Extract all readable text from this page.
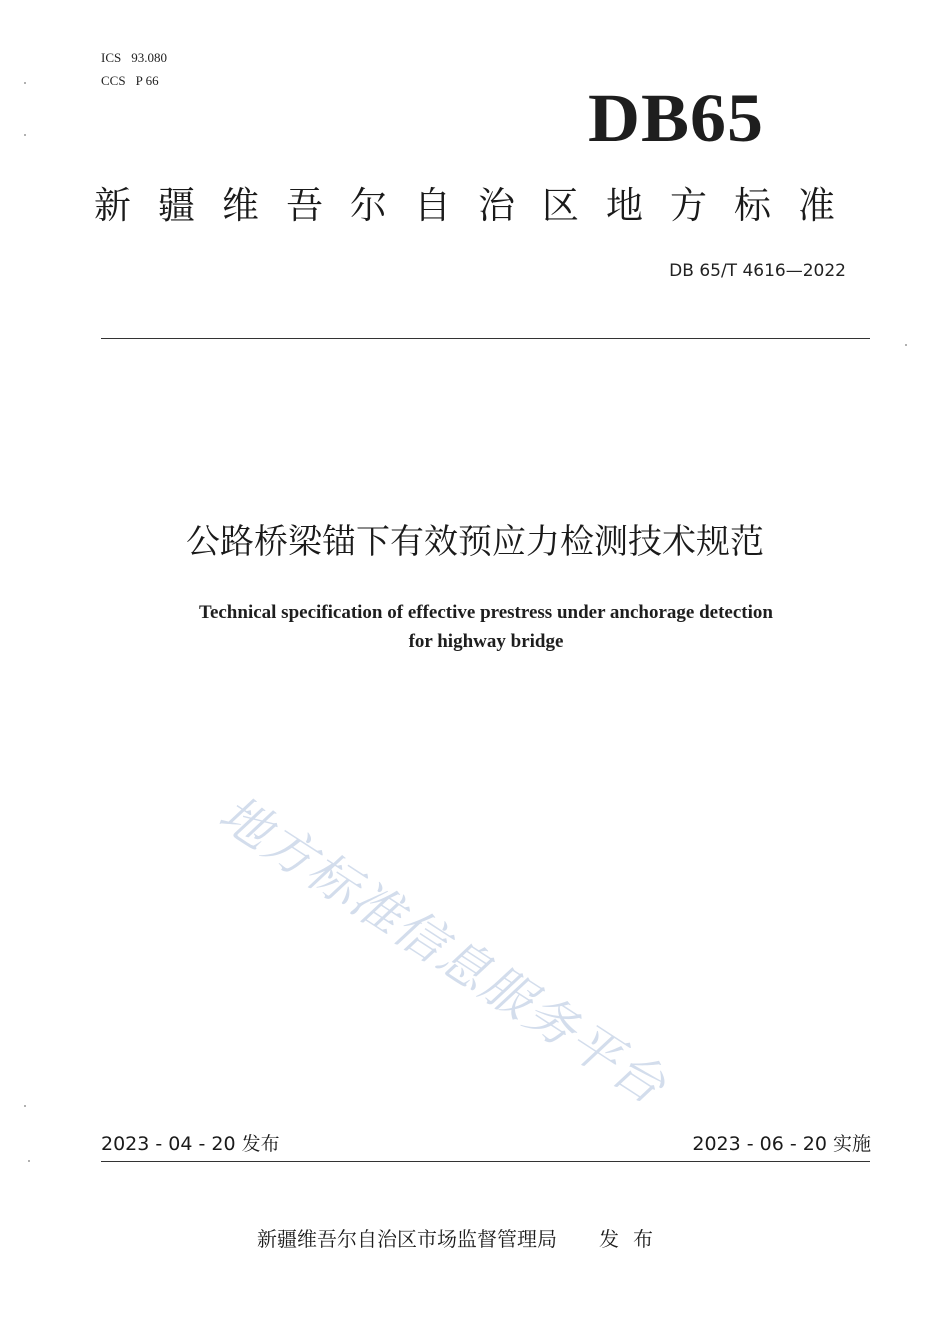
ICS 93.080
CCS P 66	DB65
新疆维吾尔自治区地方标准
DB 65/T 4616—2022
公路桥梁锚下有效预应力检测技术规范
Technical specification of effective prestress under anchorage detection
for highway bridge
地方标准信息服务平台
2023 - 04 - 20 发布	2023 - 06 - 20 实施
新疆维吾尔自治区市场监督管理局 发布
